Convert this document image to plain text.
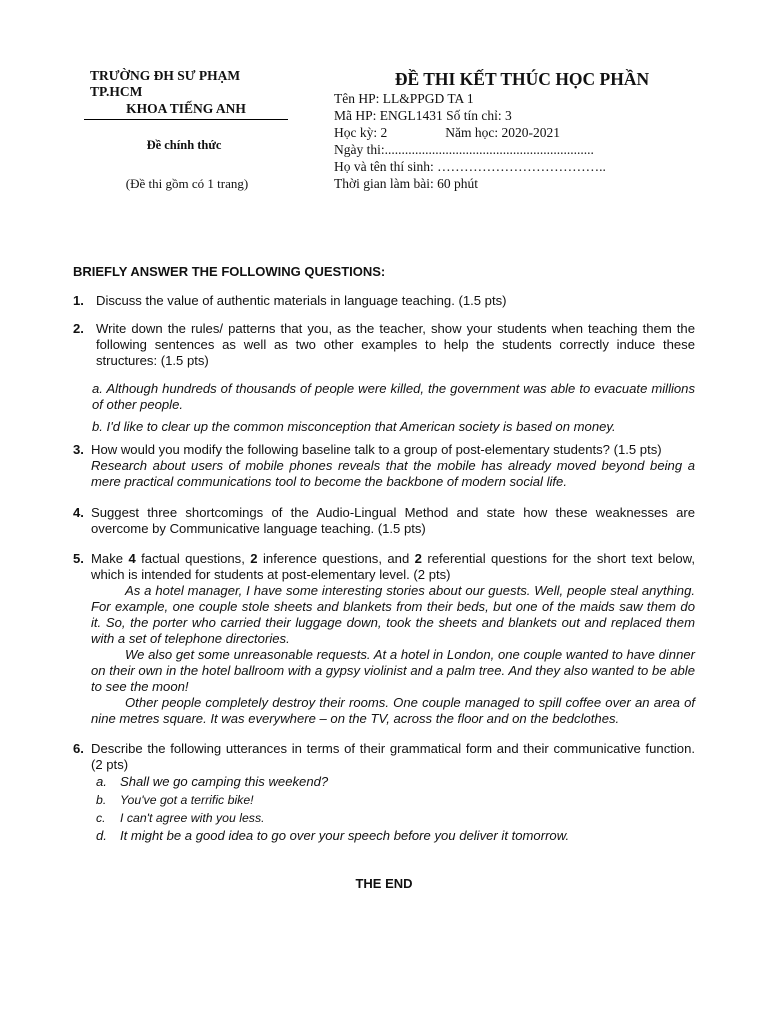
TRƯỜNG ĐH SƯ PHẠM
TP.HCM
KHOA TIẾNG ANH
Đề chính thức
(Đề thi gồm có 1 trang)
ĐỀ THI KẾT THÚC HỌC PHẦN
Tên HP: LL&PPGD TA 1
Mã HP: ENGL1431 Số tín chỉ: 3
Học kỳ: 2	Năm học: 2020-2021
Ngày thi:..............................................................
Họ và tên thí sinh: ………………………………..
Thời gian làm bài: 60 phút
BRIEFLY ANSWER THE FOLLOWING QUESTIONS:
1. Discuss the value of authentic materials in language teaching. (1.5 pts)
2. Write down the rules/ patterns that you, as the teacher, show your students when teaching them the following sentences as well as two other examples to help the students correctly induce these structures: (1.5 pts)
a. Although hundreds of thousands of people were killed, the government was able to evacuate millions of other people.
b. I'd like to clear up the common misconception that American society is based on money.
3. How would you modify the following baseline talk to a group of post-elementary students? (1.5 pts)
Research about users of mobile phones reveals that the mobile has already moved beyond being a mere practical communications tool to become the backbone of modern social life.
4. Suggest three shortcomings of the Audio-Lingual Method and state how these weaknesses are overcome by Communicative language teaching. (1.5 pts)
5. Make 4 factual questions, 2 inference questions, and 2 referential questions for the short text below, which is intended for students at post-elementary level. (2 pts)
As a hotel manager, I have some interesting stories about our guests. Well, people steal anything. For example, one couple stole sheets and blankets from their beds, but one of the maids saw them do it. So, the porter who carried their luggage down, took the sheets and blankets out and replaced them with a set of telephone directories.
We also get some unreasonable requests. At a hotel in London, one couple wanted to have dinner on their own in the hotel ballroom with a gypsy violinist and a palm tree. And they also wanted to be able to see the moon!
Other people completely destroy their rooms. One couple managed to spill coffee over an area of nine metres square. It was everywhere – on the TV, across the floor and on the bedclothes.
6. Describe the following utterances in terms of their grammatical form and their communicative function. (2 pts)
a. Shall we go camping this weekend?
b. You've got a terrific bike!
c. I can't agree with you less.
d. It might be a good idea to go over your speech before you deliver it tomorrow.
THE END
